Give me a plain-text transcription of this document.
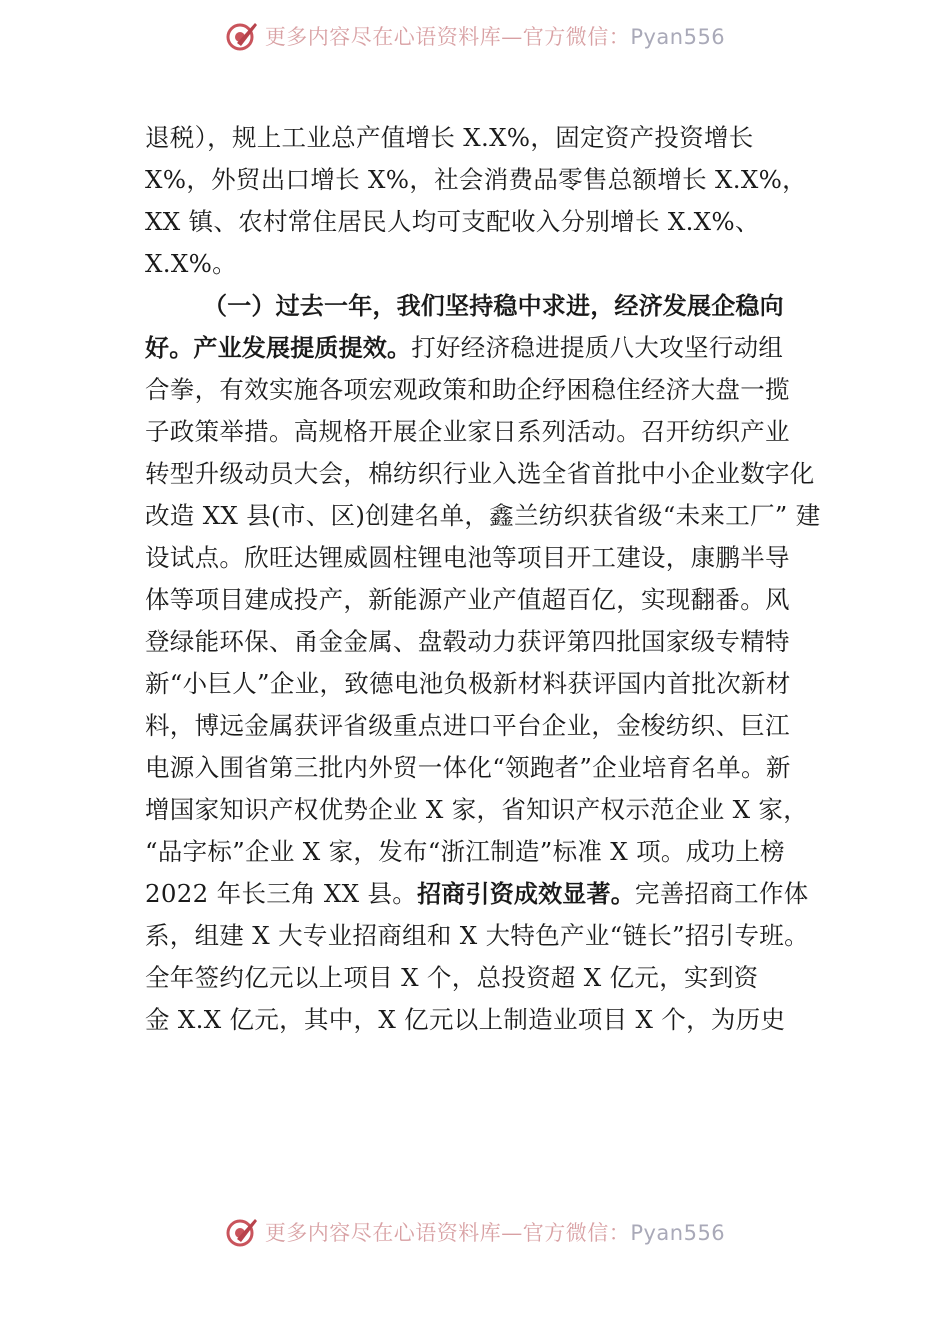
更多内容尽在心语资料库—官方微信：Pyan556
退税），规上工业总产值增长 X.X%，固定资产投资增长
X%，外贸出口增长 X%，社会消费品零售总额增长 X.X%，
XX 镇、农村常住居民人均可支配收入分别增长 X.X%、
X.X%。
（一）过去一年，我们坚持稳中求进，经济发展企稳向
好。产业发展提质提效。打好经济稳进提质八大攻坚行动组
合拳，有效实施各项宏观政策和助企纾困稳住经济大盘一揽
子政策举措。高规格开展企业家日系列活动。召开纺织产业
转型升级动员大会，棉纺织行业入选全省首批中小企业数字化
改造 XX 县(市、区)创建名单，鑫兰纺织获省级“未来工厂” 建
设试点。欣旺达锂威圆柱锂电池等项目开工建设，康鹏半导
体等项目建成投产，新能源产业产值超百亿，实现翻番。风
登绿能环保、甬金金属、盘毂动力获评第四批国家级专精特
新“小巨人”企业，致德电池负极新材料获评国内首批次新材
料，博远金属获评省级重点进口平台企业，金梭纺织、巨江
电源入围省第三批内外贸一体化“领跑者”企业培育名单。新
增国家知识产权优势企业 X 家，省知识产权示范企业 X 家，
“品字标”企业 X 家，发布“浙江制造”标准 X 项。成功上榜
2022 年长三角 XX 县。招商引资成效显著。完善招商工作体
系，组建 X 大专业招商组和 X 大特色产业“链长”招引专班。
全年签约亿元以上项目 X 个，总投资超 X 亿元，实到资
金 X.X 亿元，其中，X 亿元以上制造业项目 X 个，为历史
更多内容尽在心语资料库—官方微信：Pyan556
